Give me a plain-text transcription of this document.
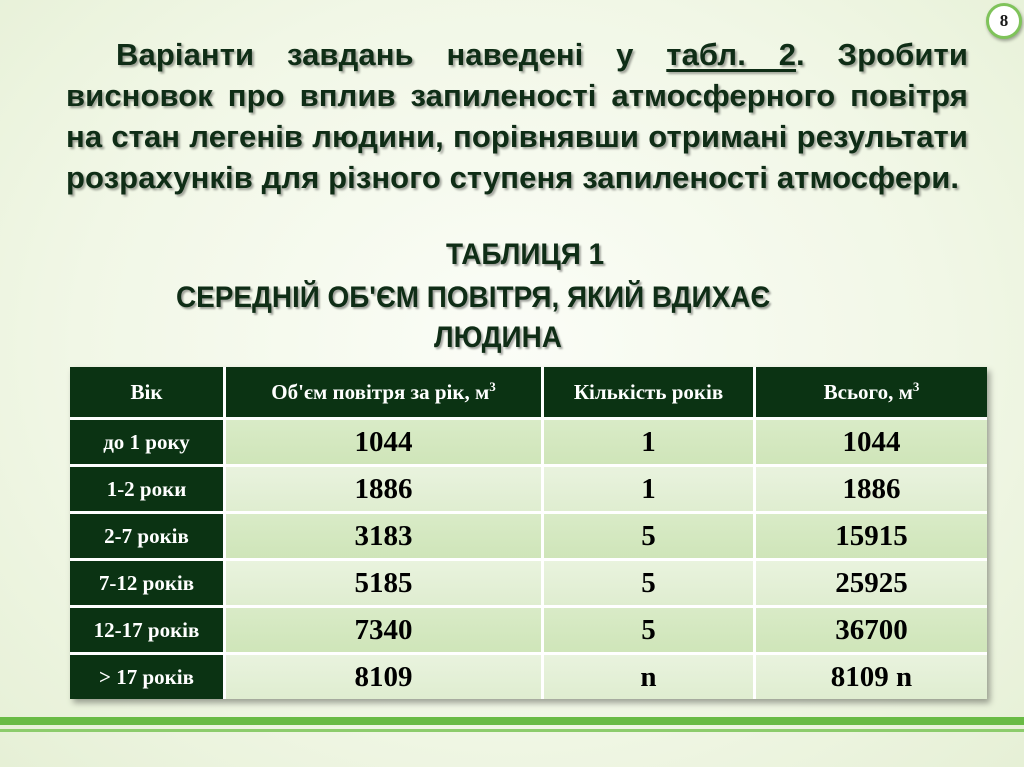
8
Варіанти завдань наведені у табл. 2. Зробити висновок про вплив запиленості атмосферного повітря на стан легенів людини, порівнявши отримані результати розрахунків для різного ступеня запиленості атмосфери.
ТАБЛИЦЯ 1
СЕРЕДНІЙ ОБ'ЄМ ПОВІТРЯ, ЯКИЙ ВДИХАЄ
ЛЮДИНА
Вік	Об'єм повітря за рік, $м^3$	Кількість років	Всього, $м^3$
до 1 року	1044	1	1044
1-2 роки	1886	1	1886
2-7 років	3183	5	15915
7-12 років	5185	5	25925
12-17 років	7340	5	36700
> 17 років	8109	n	8109 n
